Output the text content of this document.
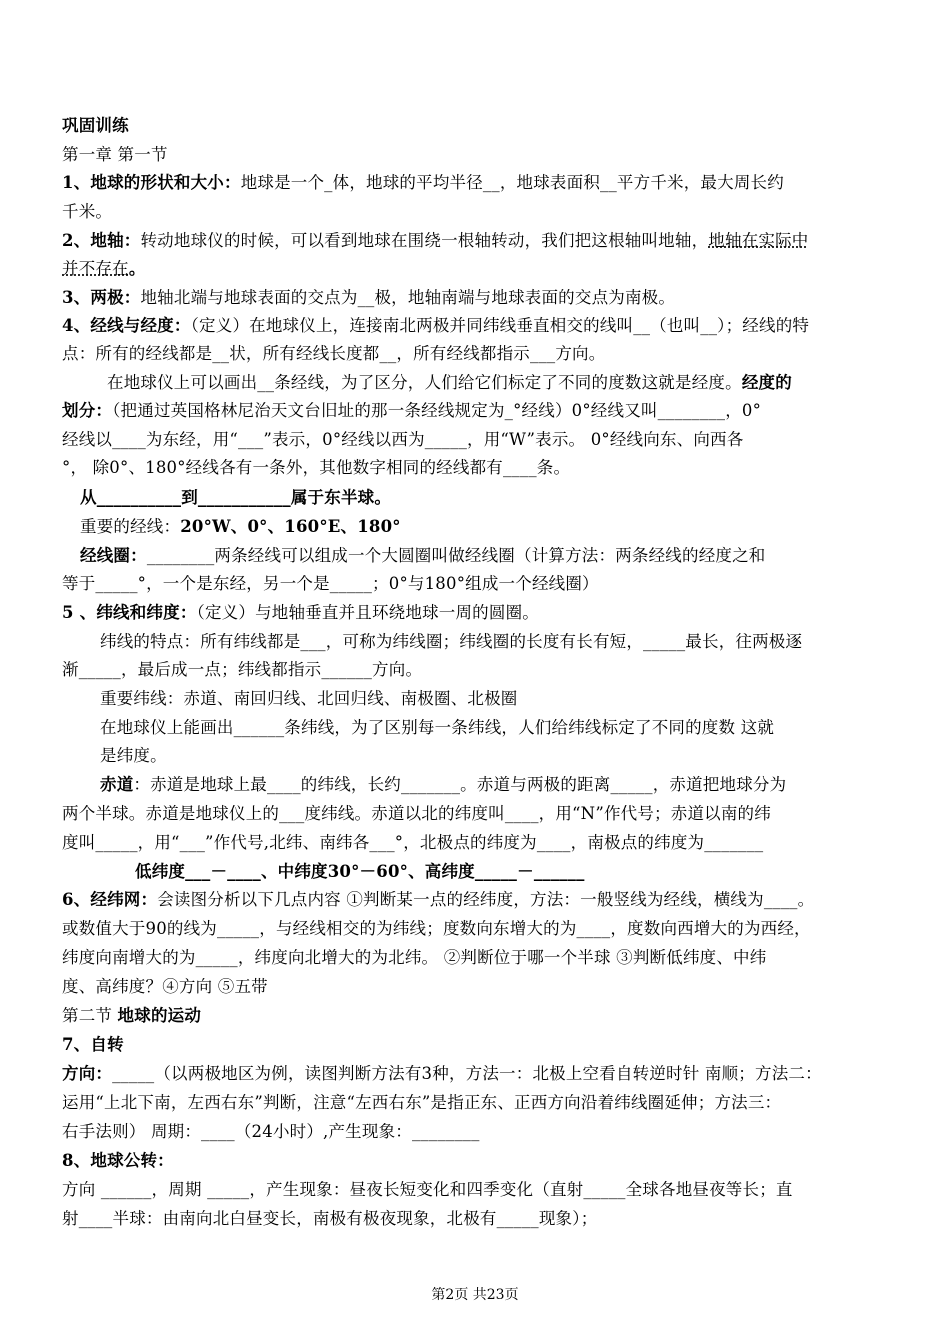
巩固训练
第一章 第一节
1、地球的形状和大小：地球是一个_体，地球的平均半径__，地球表面积__平方千米，最大周长约
千米。
2、地轴：转动地球仪的时候，可以看到地球在围绕一根轴转动，我们把这根轴叫地轴，地轴在实际中
并不存在。
3、两极：地轴北端与地球表面的交点为__极，地轴南端与地球表面的交点为南极。
4、经线与经度：（定义）在地球仪上，连接南北两极并同纬线垂直相交的线叫__（也叫__）；经线的特
点：所有的经线都是__状，所有经线长度都__，所有经线都指示___方向。
在地球仪上可以画出__条经线，为了区分，人们给它们标定了不同的度数这就是经度。经度的
划分：（把通过英国格林尼治天文台旧址的那一条经线规定为_°经线）0°经线又叫________，0°
经线以____为东经，用“___”表示，0°经线以西为_____，用“W”表示。 0°经线向东、向西各
°， 除0°、180°经线各有一条外，其他数字相同的经线都有____条。
从__________到___________属于东半球。
重要的经线：20°W、0°、160°E、180°
经线圈：________两条经线可以组成一个大圆圈叫做经线圈（计算方法：两条经线的经度之和
等于_____°，一个是东经，另一个是_____；0°与180°组成一个经线圈）
5 、纬线和纬度：（定义）与地轴垂直并且环绕地球一周的圆圈。
纬线的特点：所有纬线都是___，可称为纬线圈；纬线圈的长度有长有短，_____最长，往两极逐
渐_____，最后成一点；纬线都指示______方向。
重要纬线：赤道、南回归线、北回归线、南极圈、北极圈
在地球仪上能画出______条纬线，为了区别每一条纬线，人们给纬线标定了不同的度数 这就
是纬度。
赤道：赤道是地球上最____的纬线，长约_______。赤道与两极的距离_____，赤道把地球分为
两个半球。赤道是地球仪上的___度纬线。赤道以北的纬度叫____，用“N”作代号；赤道以南的纬
度叫_____，用“___”作代号,北纬、南纬各___°，北极点的纬度为____，南极点的纬度为_______
低纬度___－____、中纬度30°－60°、高纬度_____－______
6、经纬网：会读图分析以下几点内容 ①判断某一点的经纬度，方法：一般竖线为经线，横线为____。
或数值大于90的线为_____，与经线相交的为纬线；度数向东增大的为____，度数向西增大的为西经，
纬度向南增大的为_____，纬度向北增大的为北纬。 ②判断位于哪一个半球 ③判断低纬度、中纬
度、高纬度？④方向 ⑤五带
第二节 地球的运动
7、自转
方向：_____（以两极地区为例，读图判断方法有3种，方法一：北极上空看自转逆时针 南顺；方法二：
运用“上北下南，左西右东”判断，注意“左西右东”是指正东、正西方向沿着纬线圈延伸；方法三：
右手法则） 周期：____（24小时）,产生现象：________
8、地球公转：
方向 ______，周期 _____，产生现象：昼夜长短变化和四季变化（直射_____全球各地昼夜等长；直
射____半球：由南向北白昼变长，南极有极夜现象，北极有_____现象）；
第2页 共23页
